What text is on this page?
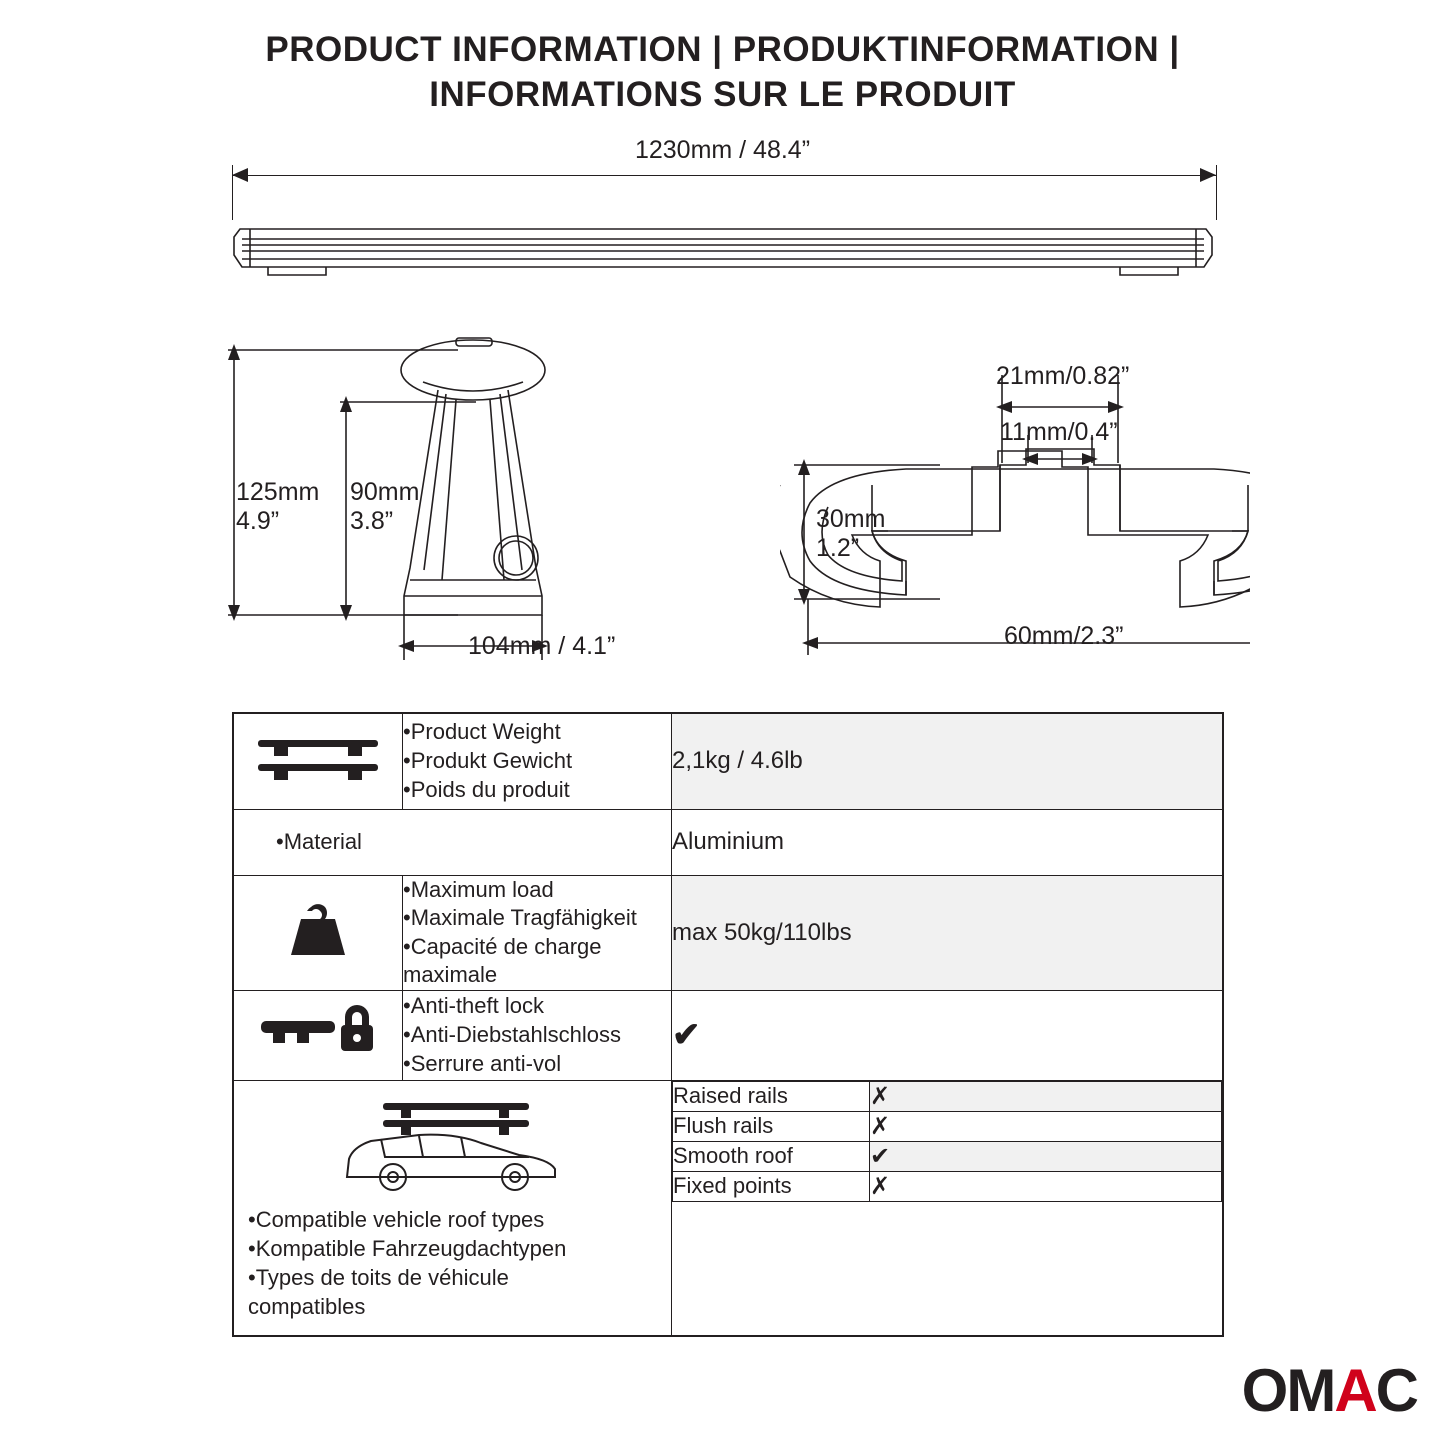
PRODUCT INFORMATION | PRODUKTINFORMATION |
INFORMATIONS SUR LE PRODUIT
1230mm / 48.4”
125mm
4.9”
90mm
3.8”
104mm / 4.1”
21mm/0.82”
11mm/0.4”
30mm
1.2”
60mm/2.3”

•Product Weight
•Produkt Gewicht
•Poids du produit
	2,1kg / 4.6lb
•Material	Aluminium

•Maximum load
•Maximale Tragfähigkeit
•Capacité de charge maximale
	max 50kg/110lbs

•Anti-theft lock
•Anti-Diebstahlschloss
•Serrure anti-vol
	✔

•Compatible vehicle roof types
•Kompatible Fahrzeugdachtypen
•Types de toits de véhicule
compatibles

Raised rails	✗
Flush rails	✗
Smooth roof	✔
Fixed points	✗
O M A C
